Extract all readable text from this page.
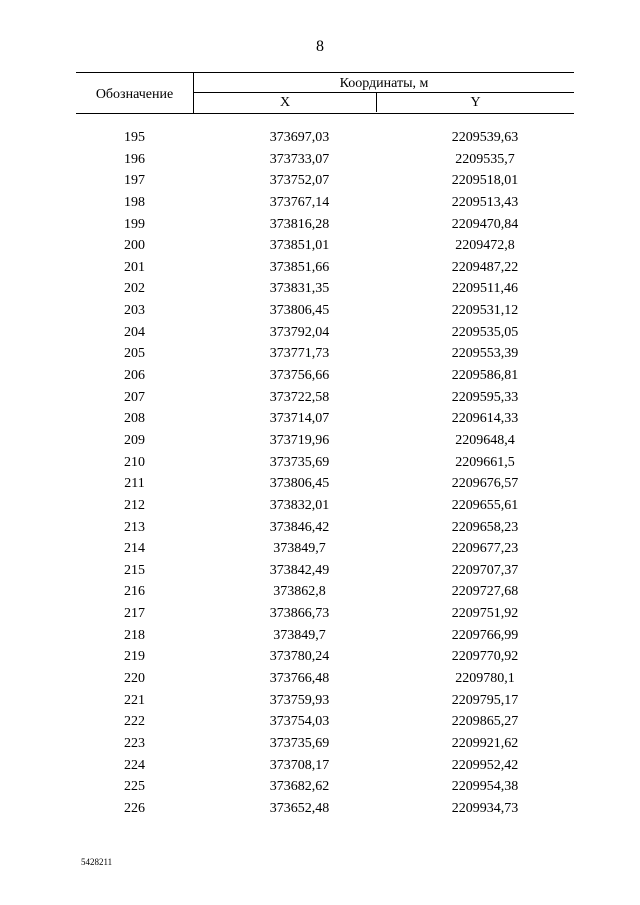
8
Обозначение
Координаты, м
X	Y
195	373697,03	2209539,63
196	373733,07	2209535,7
197	373752,07	2209518,01
198	373767,14	2209513,43
199	373816,28	2209470,84
200	373851,01	2209472,8
201	373851,66	2209487,22
202	373831,35	2209511,46
203	373806,45	2209531,12
204	373792,04	2209535,05
205	373771,73	2209553,39
206	373756,66	2209586,81
207	373722,58	2209595,33
208	373714,07	2209614,33
209	373719,96	2209648,4
210	373735,69	2209661,5
211	373806,45	2209676,57
212	373832,01	2209655,61
213	373846,42	2209658,23
214	373849,7	2209677,23
215	373842,49	2209707,37
216	373862,8	2209727,68
217	373866,73	2209751,92
218	373849,7	2209766,99
219	373780,24	2209770,92
220	373766,48	2209780,1
221	373759,93	2209795,17
222	373754,03	2209865,27
223	373735,69	2209921,62
224	373708,17	2209952,42
225	373682,62	2209954,38
226	373652,48	2209934,73
5428211
